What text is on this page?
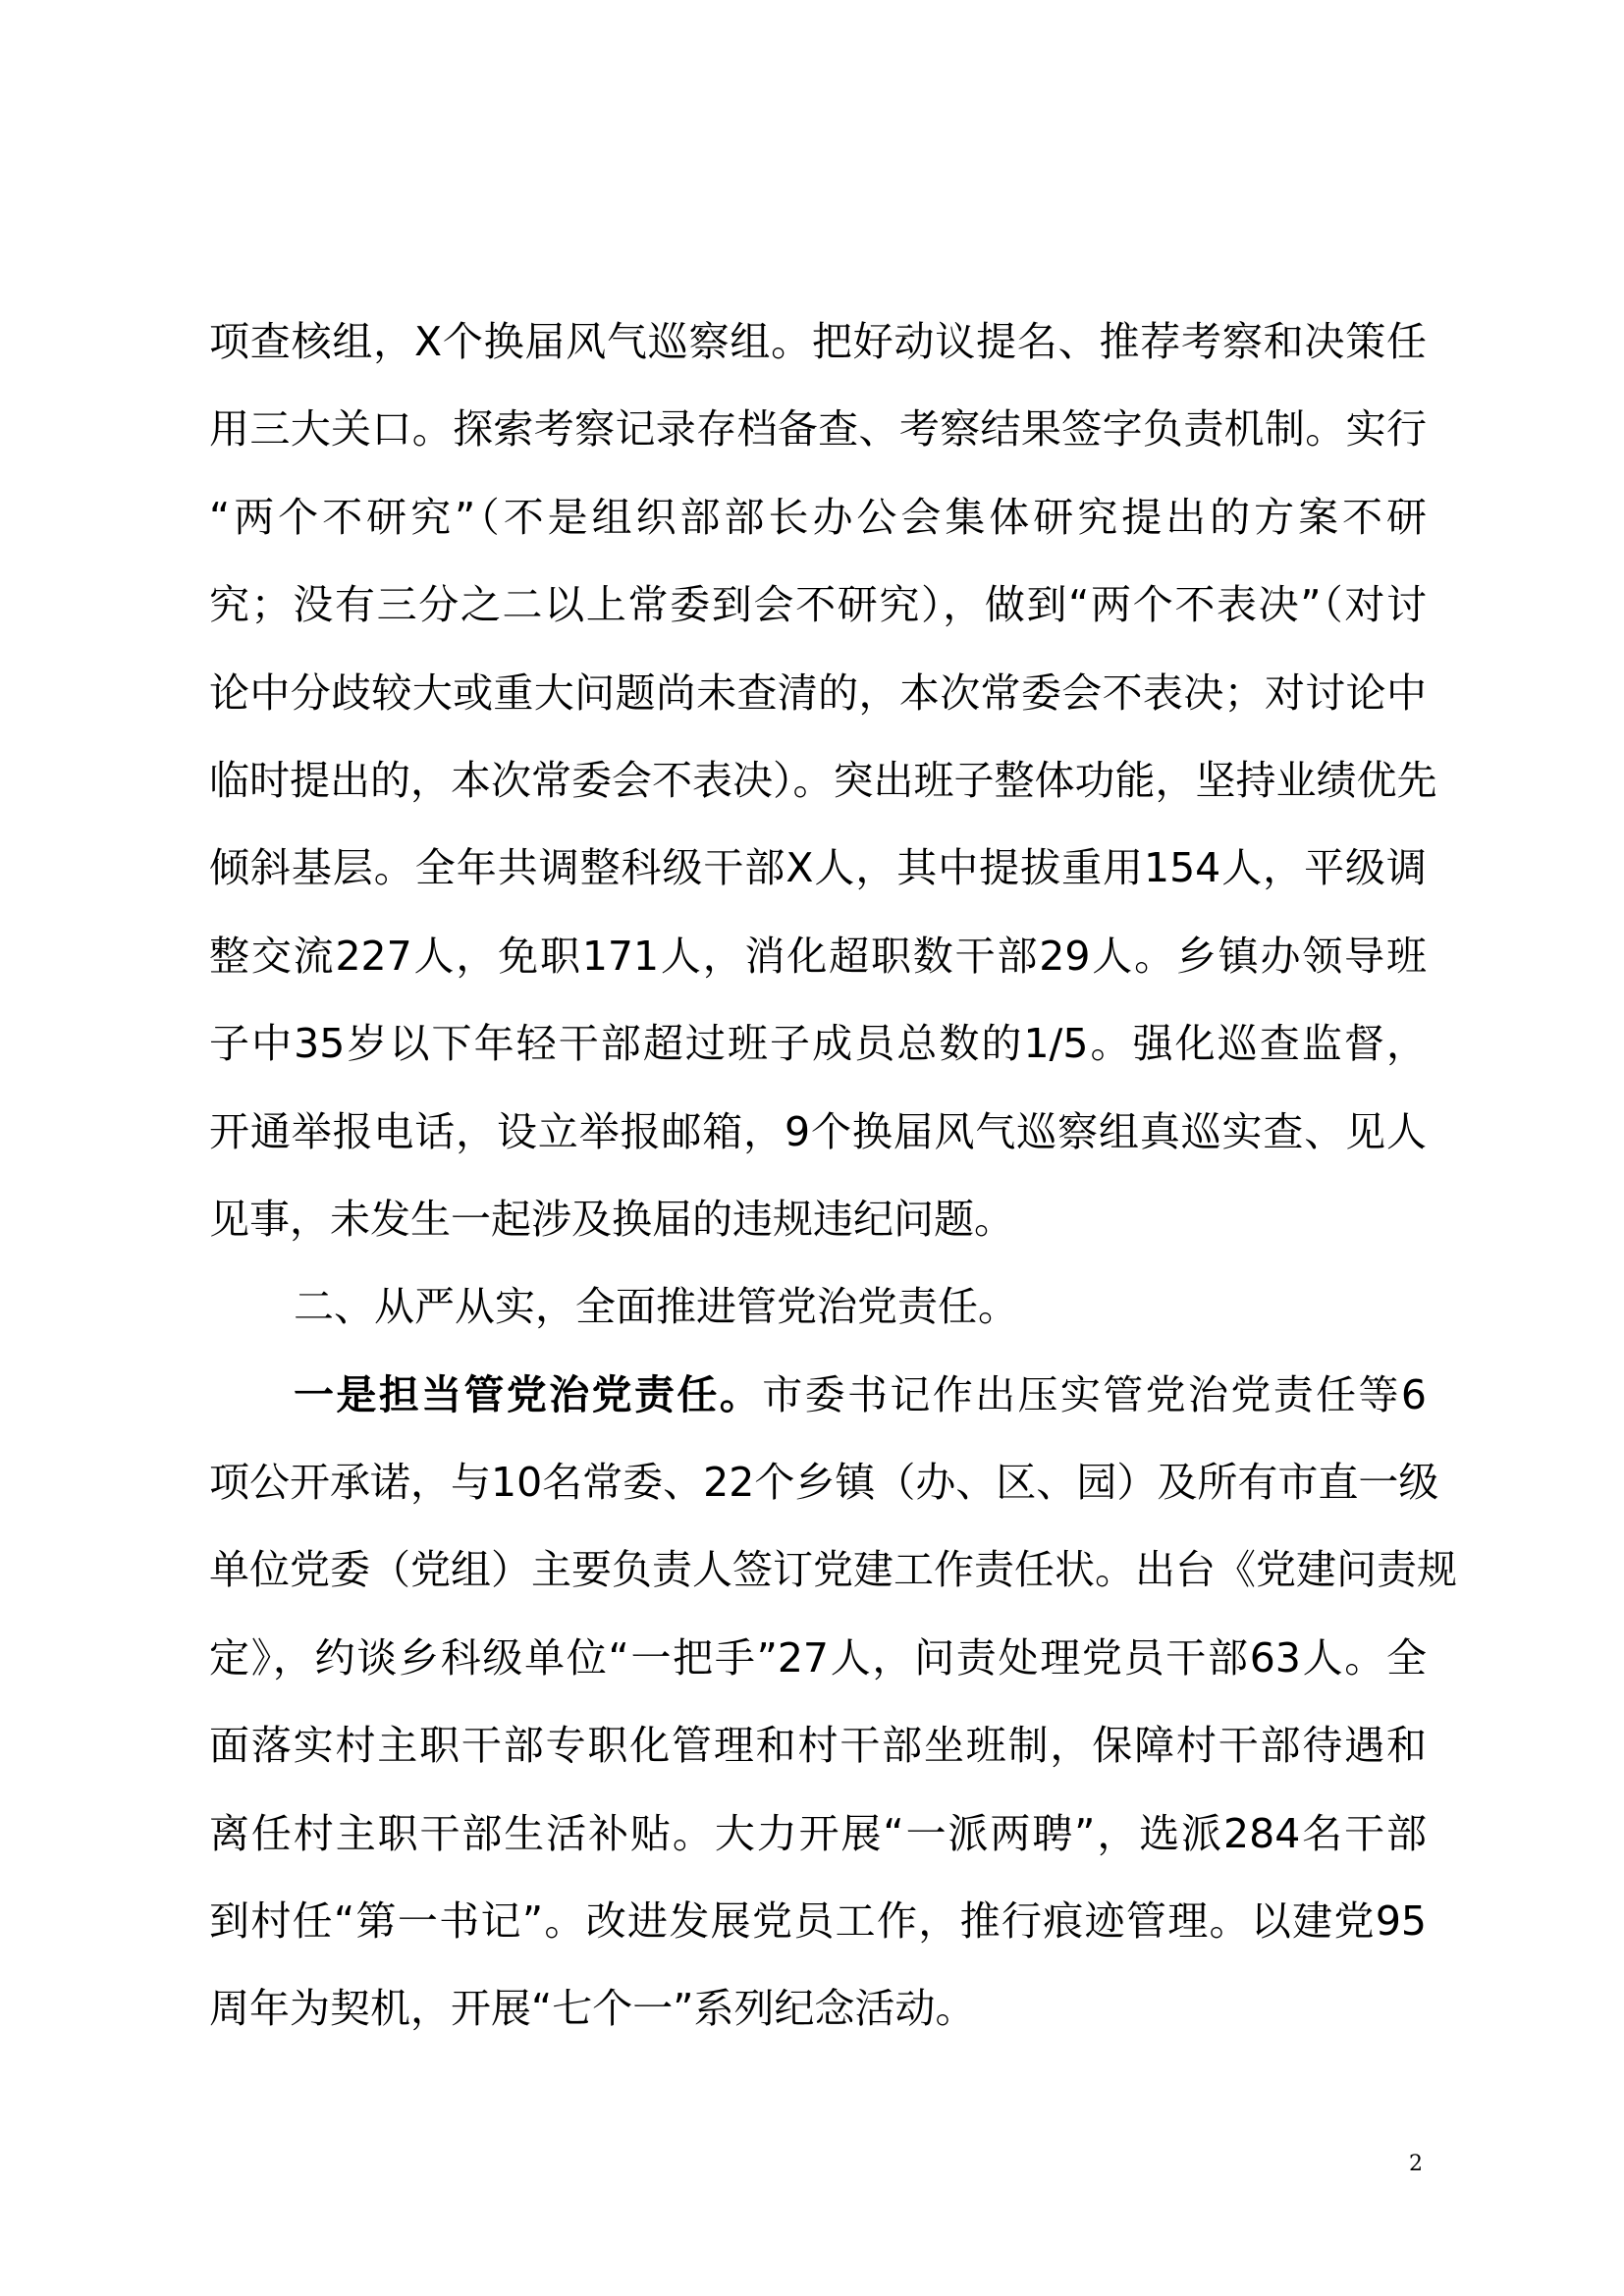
项查核组，X个换届风气巡察组。把好动议提名、推荐考察和决策任
用三大关口。探索考察记录存档备查、考察结果签字负责机制。实行
“两个不研究”（不是组织部部长办公会集体研究提出的方案不研
究；没有三分之二以上常委到会不研究），做到“两个不表决”（对讨
论中分歧较大或重大问题尚未查清的，本次常委会不表决；对讨论中
临时提出的，本次常委会不表决）。突出班子整体功能，坚持业绩优先
倾斜基层。全年共调整科级干部X人，其中提拔重用154人，平级调
整交流227人，免职171人，消化超职数干部29人。乡镇办领导班
子中35岁以下年轻干部超过班子成员总数的1/5。强化巡查监督，
开通举报电话，设立举报邮箱，9个换届风气巡察组真巡实查、见人
见事，未发生一起涉及换届的违规违纪问题。
二、从严从实，全面推进管党治党责任。
一是担当管党治党责任。市委书记作出压实管党治党责任等6
项公开承诺，与10名常委、22个乡镇（办、区、园）及所有市直一级
单位党委（党组）主要负责人签订党建工作责任状。出台《党建问责规
定》，约谈乡科级单位“一把手”27人，问责处理党员干部63人。全
面落实村主职干部专职化管理和村干部坐班制，保障村干部待遇和
离任村主职干部生活补贴。大力开展“一派两聘”，选派284名干部
到村任“第一书记”。改进发展党员工作，推行痕迹管理。以建党95
周年为契机，开展“七个一”系列纪念活动。
2
